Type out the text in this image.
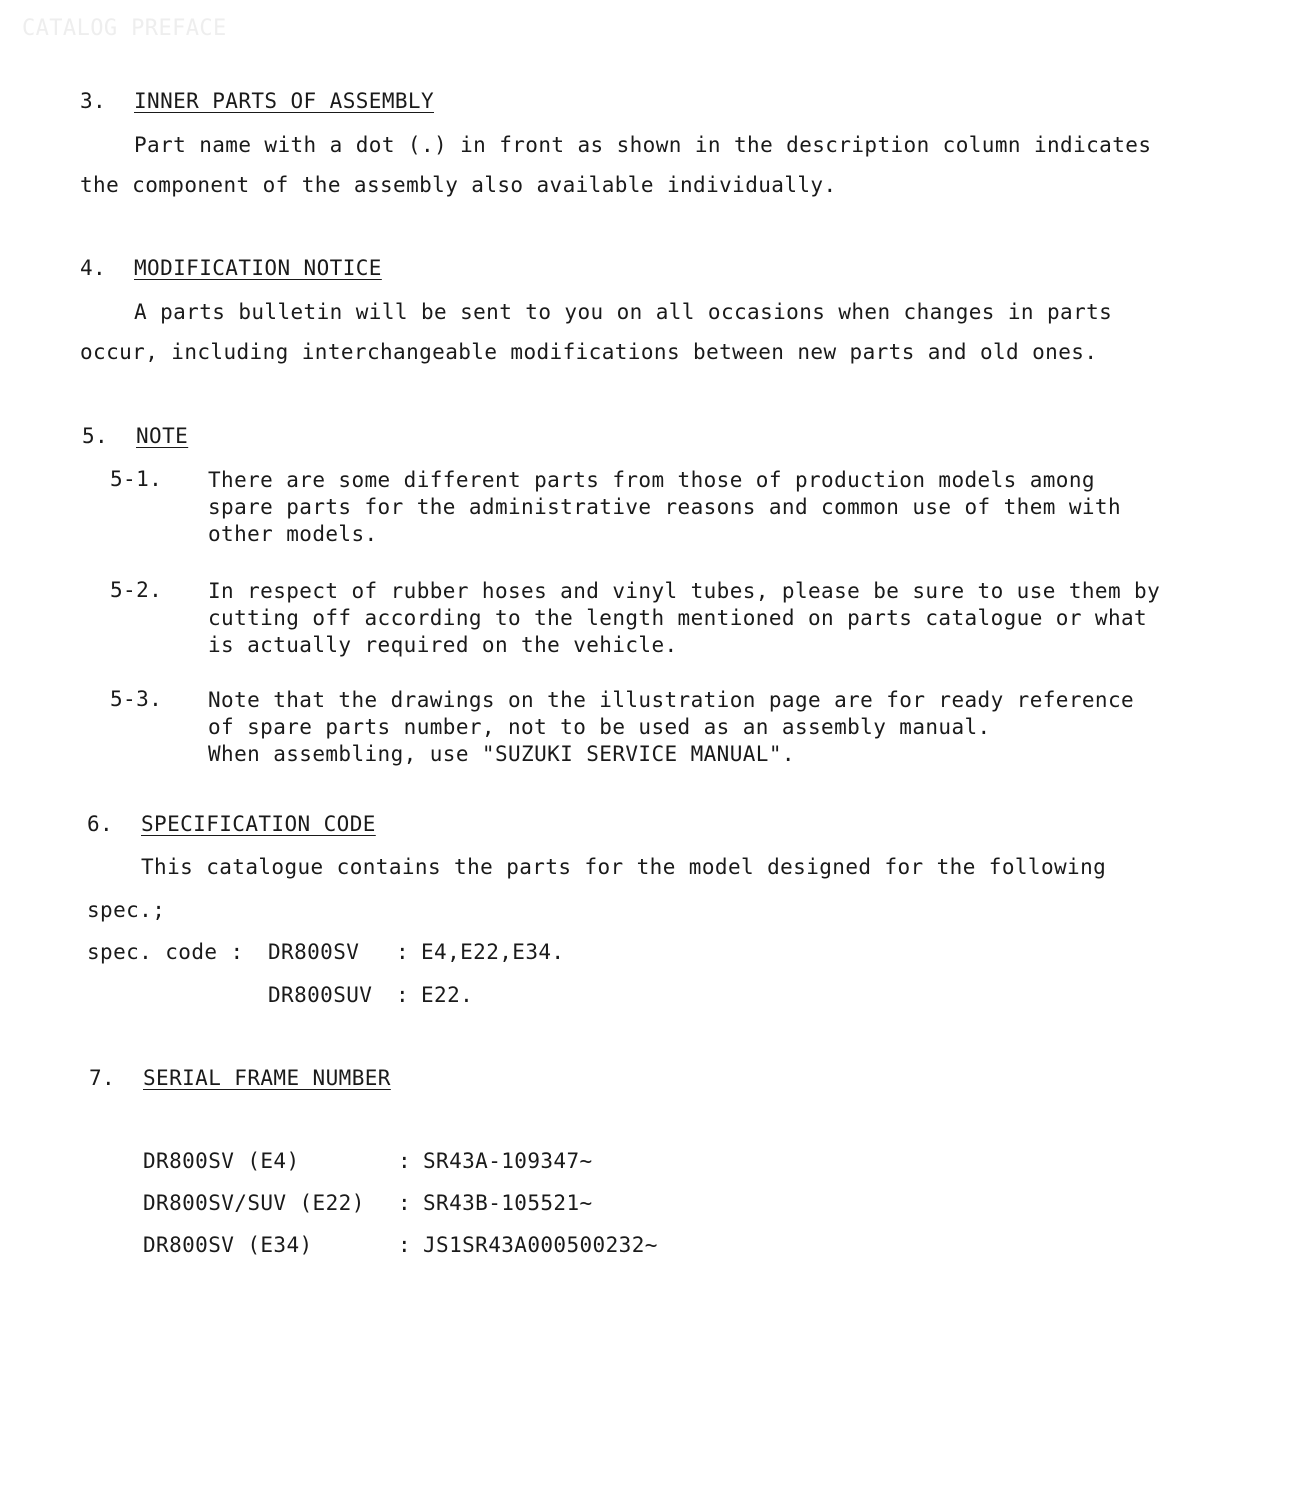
CATALOG PREFACE
3. INNER PARTS OF ASSEMBLY
Part name with a dot (.) in front as shown in the description column indicates
the component of the assembly also available individually.
4. MODIFICATION NOTICE
A parts bulletin will be sent to you on all occasions when changes in parts
occur, including interchangeable modifications between new parts and old ones.
5. NOTE
5-1. There are some different parts from those of production models among
spare parts for the administrative reasons and common use of them with
other models.
5-2. In respect of rubber hoses and vinyl tubes, please be sure to use them by
cutting off according to the length mentioned on parts catalogue or what
is actually required on the vehicle.
5-3. Note that the drawings on the illustration page are for ready reference
of spare parts number, not to be used as an assembly manual.
When assembling, use "SUZUKI SERVICE MANUAL".
6. SPECIFICATION CODE
This catalogue contains the parts for the model designed for the following
spec.;
spec. code : DR800SV : E4,E22,E34.
DR800SUV : E22.
7. SERIAL FRAME NUMBER
DR800SV (E4)	: SR43A-109347~
DR800SV/SUV (E22) : SR43B-105521~
DR800SV (E34)	: JS1SR43A000500232~
